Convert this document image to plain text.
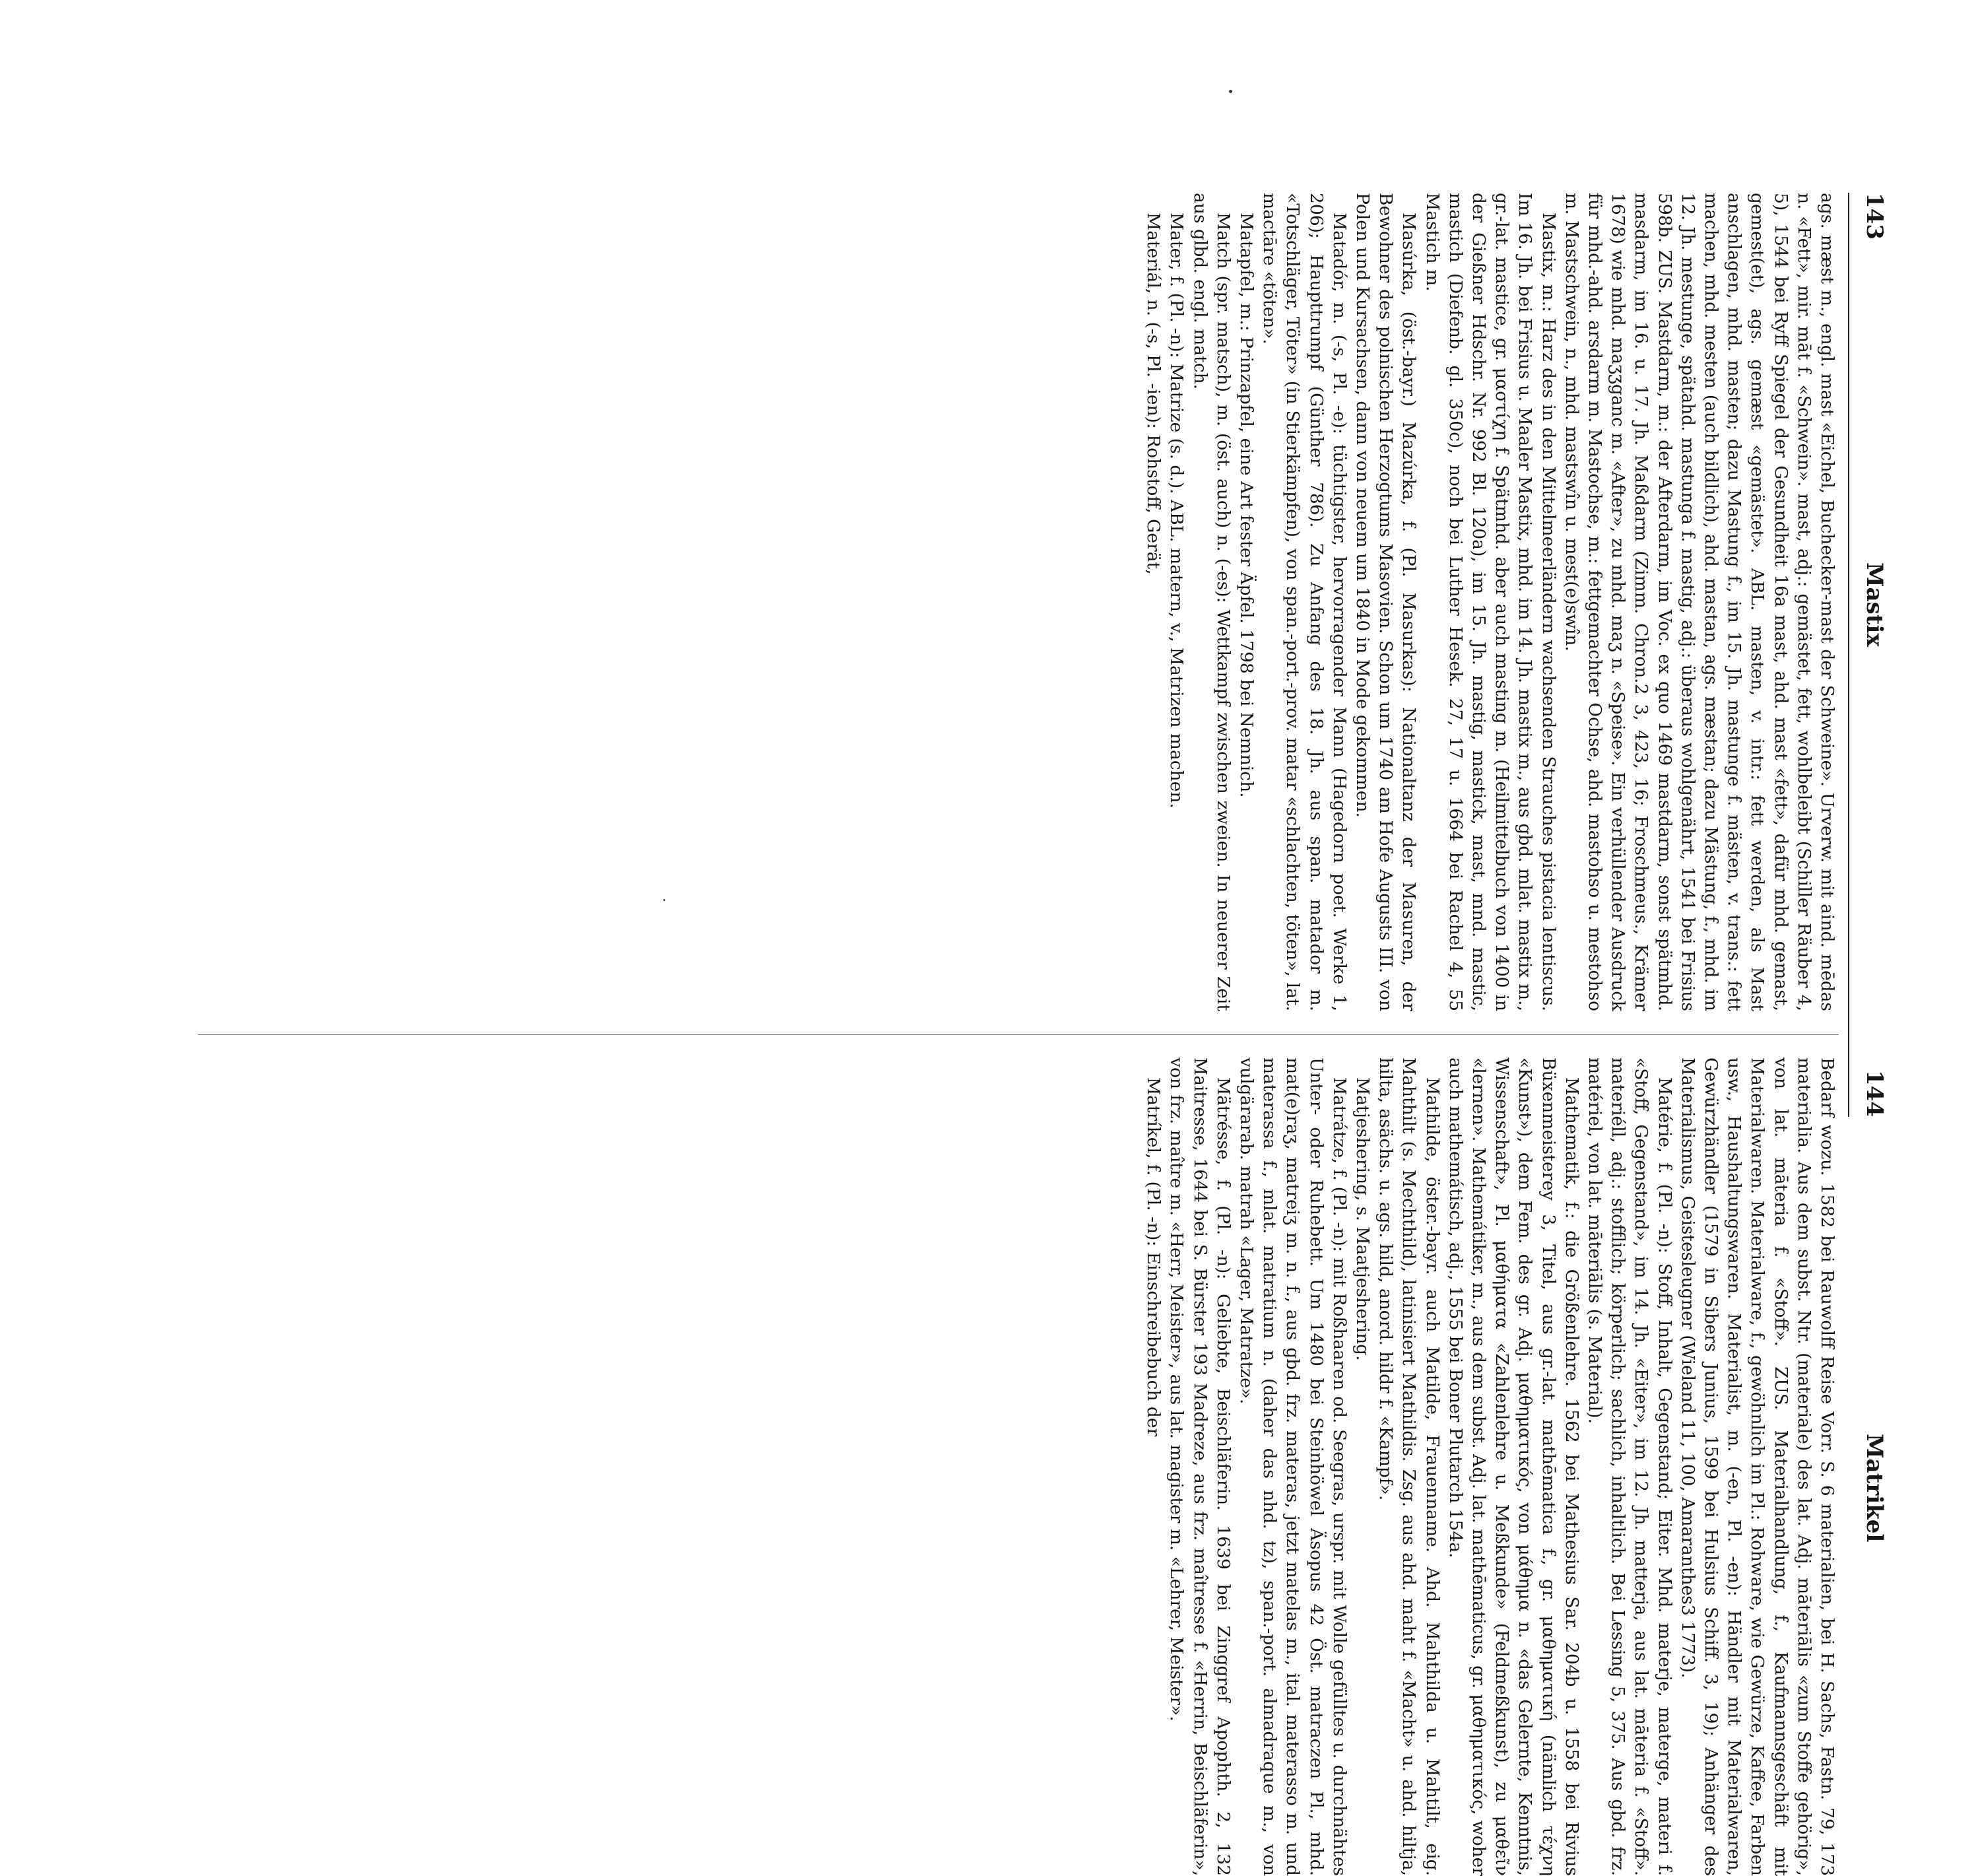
143
Mastix
Matrikel
144

ags. mæst m., engl. mast «Eichel, Buchecker-mast der Schweine». Urverw. mit aind. mēdas n. «Fett», mir. māt f. «Schwein». mast, adj.: gemästet, fett, wohlbeleibt (Schiller Räuber 4, 5), 1544 bei Ryff Spiegel der Gesundheit 16a mast, ahd. mast «fett», dafür mhd. gemast, gemest(et), ags. gemæst «gemästet». ABL. masten, v. intr.: fett werden, als Mast anschlagen, mhd. masten; dazu Mastung f., im 15. Jh. mastunge f. mästen, v. trans.: fett machen, mhd. mesten (auch bildlich), ahd. mastan, ags. mæstan; dazu Mästung, f., mhd. im 12. Jh. mestunge, spätahd. mastunga f. mastig, adj.: überaus wohlgenährt, 1541 bei Frisius 598b. ZUS. Mastdarm, m.: der Afterdarm, im Voc. ex quo 1469 mastdarm, sonst spätmhd. masdarm, im 16. u. 17. Jh. Maßdarm (Zimm. Chron.2 3, 423, 16; Froschmeus., Krämer 1678) wie mhd. maʒʒganc m. «After», zu mhd. maʒ n. «Speise». Ein verhüllender Ausdruck für mhd.-ahd. arsdarm m. Mastochse, m.: fettgemachter Ochse, ahd. mastohso u. mestohso m. Mastschwein, n., mhd. mastswîn u. mest(e)swîn.

Mastix, m.: Harz des in den Mittelmeerländern wachsenden Strauches pistacia lentiscus. Im 16. Jh. bei Frisius u. Maaler Mastix, mhd. im 14. Jh. mastix m., aus gbd. mlat. mastix m., gr.-lat. mastice, gr. μαστίχη f. Spätmhd. aber auch masting m. (Heilmittelbuch von 1400 in der Gießner Hdschr. Nr. 992 Bl. 120a), im 15. Jh. mastig, mastick, mast, mnd. mastic, mastich (Diefenb. gl. 350c), noch bei Luther Hesek. 27, 17 u. 1664 bei Rachel 4, 55 Mastich m.

Masúrka, (öst.-bayr.) Mazúrka, f. (Pl. Masurkas): Nationaltanz der Masuren, der Bewohner des polnischen Herzogtums Masovien. Schon um 1740 am Hofe Augusts III. von Polen und Kursachsen, dann von neuem um 1840 in Mode gekommen.

Matadór, m. (-s, Pl. -e): tüchtigster, hervorragender Mann (Hagedorn poet. Werke 1, 206); Haupttrumpf (Günther 786). Zu Anfang des 18. Jh. aus span. matador m. «Totschläger, Töter» (in Stierkämpfen), von span.-port.-prov. matar «schlachten, töten», lat. mactāre «töten».

Matapfel, m.: Prinzapfel, eine Art fester Äpfel. 1798 bei Nemnich.

Match (spr. matsch), m. (öst. auch) n. (-es): Wettkampf zwischen zweien. In neuerer Zeit aus glbd. engl. match.

Mater, f. (Pl. -n): Matrize (s. d.). ABL. matern, v., Matrizen machen.

Materiál, n. (-s, Pl. -ien): Rohstoff, Gerät,

Bedarf wozu. 1582 bei Rauwolff Reise Vorr. S. 6 materialien, bei H. Sachs, Fastn. 79, 173 materialia. Aus dem subst. Ntr. (materiale) des lat. Adj. māteriālis «zum Stoffe gehörig», von lat. māteria f. «Stoff». ZUS. Materialhandlung, f., Kaufmannsgeschäft mit Materialwaren. Materialware, f., gewöhnlich im Pl.: Rohware, wie Gewürze, Kaffee, Farben usw., Haushaltungswaren. Materialist, m. (-en, Pl. -en): Händler mit Materialwaren, Gewürzhändler (1579 in Sibers Junius, 1599 bei Hulsius Schiff. 3, 19); Anhänger des Materialismus, Geistesleugner (Wieland 11, 100, Amaranthes3 1773).

Matérie, f. (Pl. -n): Stoff, Inhalt, Gegenstand; Eiter. Mhd. materje, materge, materi f. «Stoff, Gegenstand», im 14. Jh. «Eiter», im 12. Jh. matterja, aus lat. māteria f. «Stoff». materiéll, adj.: stofflich; körperlich; sachlich, inhaltlich. Bei Lessing 5, 375. Aus gbd. frz. matériel, von lat. māteriālis (s. Material).

Mathematik, f.: die Größenlehre. 1562 bei Mathesius Sar. 204b u. 1558 bei Rivius Büxenmeisterey 3, Titel, aus gr.-lat. mathēmatica f., gr. μαθηματική (nämlich τέχνη «Kunst»), dem Fem. des gr. Adj. μαθηματικός, von μάθημα n. «das Gelernte, Kenntnis, Wissenschaft», Pl. μαθήματα «Zahlenlehre u. Meßkunde» (Feldmeßkunst), zu μαθεῖν «lernen». Mathemátiker, m., aus dem subst. Adj. lat. mathēmaticus, gr. μαθηματικός, woher auch mathemátisch, adj., 1555 bei Boner Plutarch 154a.

Mathilde, öster.-bayr. auch Matilde, Frauenname. Ahd. Mahthilda u. Mahtilt, eig. Mahthilt (s. Mechthild), latinisiert Mathildis. Zsg. aus ahd. maht f. «Macht» u. ahd. hiltja, hilta, asächs. u. ags. hild, anord. hildr f. «Kampf».

Matjeshering, s. Maatjeshering.

Matrátze, f. (Pl. -n): mit Roßhaaren od. Seegras, urspr. mit Wolle gefülltes u. durchnähtes Unter- oder Ruhebett. Um 1480 bei Steinhöwel Äsopus 42 Öst. matraczen Pl., mhd. mat(e)raʒ, matreiʒ m. n. f., aus gbd. frz. materas, jetzt matelas m., ital. materasso m. und materassa f., mlat. matratium n. (daher das nhd. tz), span.-port. almadraque m., von vulgärarab. matrah «Lager, Matratze».

Mätrésse, f. (Pl. -n): Geliebte, Beischläferin. 1639 bei Zinggref Apophth. 2, 132 Maitresse, 1644 bei S. Bürster 193 Madreze, aus frz. maîtresse f. «Herrin, Beischläferin», von frz. maître m. «Herr, Meister», aus lat. magister m. «Lehrer, Meister».

Matríkel, f. (Pl. -n): Einschreibebuch der
